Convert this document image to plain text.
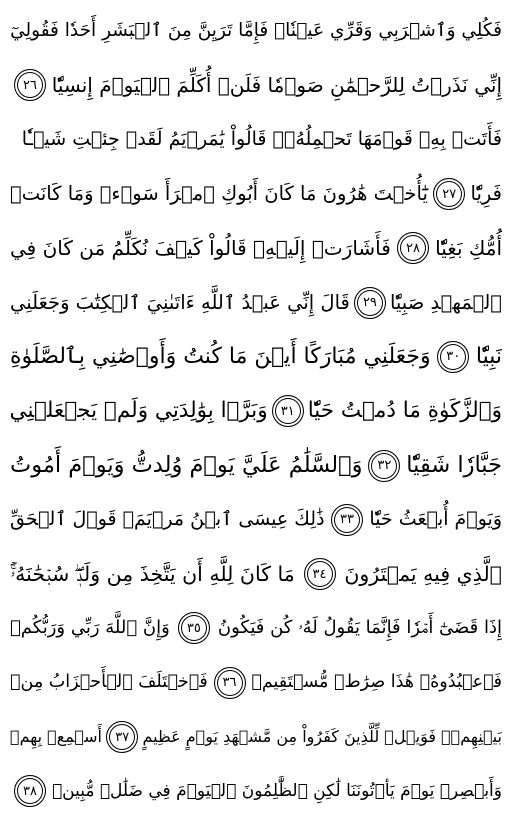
فَكُلِي وَٱشۡرَبِي وَقَرِّي عَيۡنٗاۖ فَإِمَّا تَرَيِنَّ مِنَ ٱلۡبَشَرِ أَحَدٗا فَقُولِيٓ
إِنِّي نَذَرۡتُ لِلرَّحۡمَٰنِ صَوۡمٗا فَلَنۡ أُكَلِّمَ ٱلۡيَوۡمَ إِنسِيّٗا
٢٦
فَأَتَتۡ بِهِۦ قَوۡمَهَا تَحۡمِلُهُۥۖ قَالُواْ يَٰمَرۡيَمُ لَقَدۡ جِئۡتِ شَيۡـٔٗا
فَرِيّٗا
٢٧
يَٰٓأُخۡتَ هَٰرُونَ مَا كَانَ أَبُوكِ ٱمۡرَأَ سَوۡءٖ وَمَا كَانَتۡ
أُمُّكِ بَغِيّٗا
٢٨
فَأَشَارَتۡ إِلَيۡهِۖ قَالُواْ كَيۡفَ نُكَلِّمُ مَن كَانَ فِي
ٱلۡمَهۡدِ صَبِيّٗا
٢٩
قَالَ إِنِّي عَبۡدُ ٱللَّهِ ءَاتَىٰنِيَ ٱلۡكِتَٰبَ وَجَعَلَنِي
نَبِيّٗا
٣٠
وَجَعَلَنِي مُبَارَكًا أَيۡنَ مَا كُنتُ وَأَوۡصَٰنِي بِٱلصَّلَوٰةِ
وَٱلزَّكَوٰةِ مَا دُمۡتُ حَيّٗا
٣١
وَبَرَّۢا بِوَٰلِدَتِي وَلَمۡ يَجۡعَلۡنِي
جَبَّارٗا شَقِيّٗا
٣٢
وَٱلسَّلَٰمُ عَلَيَّ يَوۡمَ وُلِدتُّ وَيَوۡمَ أَمُوتُ
وَيَوۡمَ أُبۡعَثُ حَيّٗا
٣٣
ذَٰلِكَ عِيسَى ٱبۡنُ مَرۡيَمَۖ قَوۡلَ ٱلۡحَقِّ
ٱلَّذِي فِيهِ يَمۡتَرُونَ
٣٤
مَا كَانَ لِلَّهِ أَن يَتَّخِذَ مِن وَلَدٖۖ سُبۡحَٰنَهُۥٓۚ
إِذَا قَضَىٰٓ أَمۡرٗا فَإِنَّمَا يَقُولُ لَهُۥ كُن فَيَكُونُ
٣٥
وَإِنَّ ٱللَّهَ رَبِّي وَرَبُّكُمۡ
فَٱعۡبُدُوهُۚ هَٰذَا صِرَٰطٞ مُّسۡتَقِيمٞ
٣٦
فَٱخۡتَلَفَ ٱلۡأَحۡزَابُ مِنۢ
بَيۡنِهِمۡۖ فَوَيۡلٞ لِّلَّذِينَ كَفَرُواْ مِن مَّشۡهَدِ يَوۡمٍ عَظِيمٍ
٣٧
أَسۡمِعۡ بِهِمۡ
وَأَبۡصِرۡ يَوۡمَ يَأۡتُونَنَا لَٰكِنِ ٱلظَّٰلِمُونَ ٱلۡيَوۡمَ فِي ضَلَٰلٖ مُّبِينٖ
٣٨
